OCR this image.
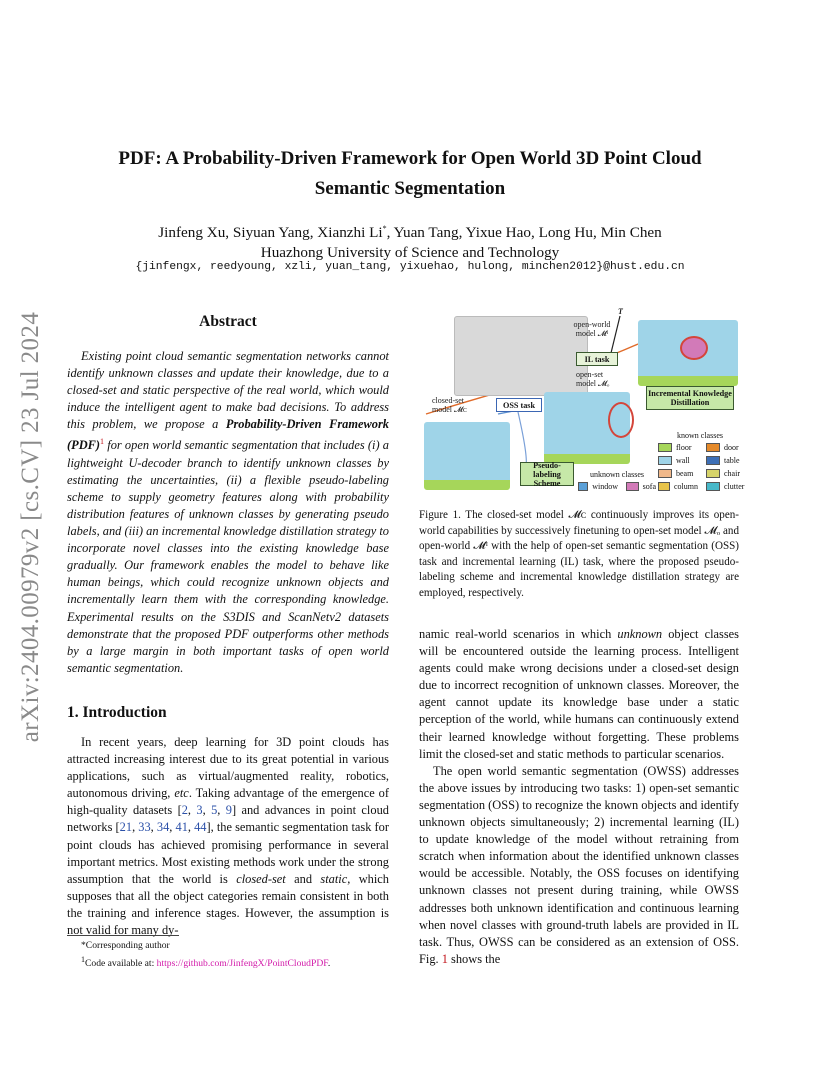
arXiv:2404.00979v2 [cs.CV] 23 Jul 2024
PDF: A Probability-Driven Framework for Open World 3D Point Cloud
Semantic Segmentation
Jinfeng Xu, Siyuan Yang, Xianzhi Li*, Yuan Tang, Yixue Hao, Long Hu, Min Chen
Huazhong University of Science and Technology
{jinfengx, reedyoung, xzli, yuan_tang, yixuehao, hulong, minchen2012}@hust.edu.cn
Abstract

Existing point cloud semantic segmentation networks cannot identify unknown classes and update their knowledge, due to a closed-set and static perspective of the real world, which would induce the intelligent agent to make bad decisions. To address this problem, we propose a Probability-Driven Framework (PDF)$^1$ for open world semantic segmentation that includes (i) a lightweight U-decoder branch to identify unknown classes by estimating the uncertainties, (ii) a flexible pseudo-labeling scheme to supply geometry features along with probability distribution features of unknown classes by generating pseudo labels, and (iii) an incremental knowledge distillation strategy to incorporate novel classes into the existing knowledge base gradually. Our framework enables the model to behave like human beings, which could recognize unknown objects and incrementally learn them with the corresponding knowledge. Experimental results on the S3DIS and ScanNetv2 datasets demonstrate that the proposed PDF outperforms other methods by a large margin in both important tasks of open world semantic segmentation.

1. Introduction

In recent years, deep learning for 3D point clouds has attracted increasing interest due to its great potential in various applications, such as virtual/augmented reality, robotics, autonomous driving, etc. Taking advantage of the emergence of high-quality datasets [2, 3, 5, 9] and advances in point cloud networks [21, 33, 34, 41, 44], the semantic segmentation task for point clouds has achieved promising performance in several important metrics. Most existing methods work under the strong assumption that the world is closed-set and static, which supposes that all the object categories remain consistent in both the training and inference stages. However, the assumption is not valid for many dy-

*Corresponding author
$^1$Code available at: https://github.com/JinfengX/PointCloudPDF.
open-world
model 𝓜ᴵ
T
open-set
model 𝓜ₒ
closed-set
model 𝓜ᴄ
IL task
OSS task
Incremental Knowledge Distillation
Pseudo-labeling Scheme
known classes
floor	door
wall	table
beam	chair
column	clutter
unknown classes
window	sofa
Figure 1. The closed-set model 𝓜ᴄ continuously improves its open-world capabilities by successively finetuning to open-set model 𝓜ₒ and open-world 𝓜ᴵ with the help of open-set semantic segmentation (OSS) task and incremental learning (IL) task, where the proposed pseudo-labeling scheme and incremental knowledge distillation strategy are employed, respectively.

namic real-world scenarios in which unknown object classes will be encountered outside the learning process. Intelligent agents could make wrong decisions under a closed-set design due to incorrect recognition of unknown classes. Moreover, the agent cannot update its knowledge base under a static perception of the world, while humans can continuously extend their learned knowledge without forgetting. These problems limit the closed-set and static methods to particular scenarios.

The open world semantic segmentation (OWSS) addresses the above issues by introducing two tasks: 1) open-set semantic segmentation (OSS) to recognize the known objects and identify unknown objects simultaneously; 2) incremental learning (IL) to update knowledge of the model without retraining from scratch when information about the identified unknown classes would be accessible. Notably, the OSS focuses on identifying unknown classes not present during training, while OWSS addresses both unknown identification and continuous learning when novel classes with ground-truth labels are provided in IL task. Thus, OWSS can be considered as an extension of OSS. Fig. 1 shows the
